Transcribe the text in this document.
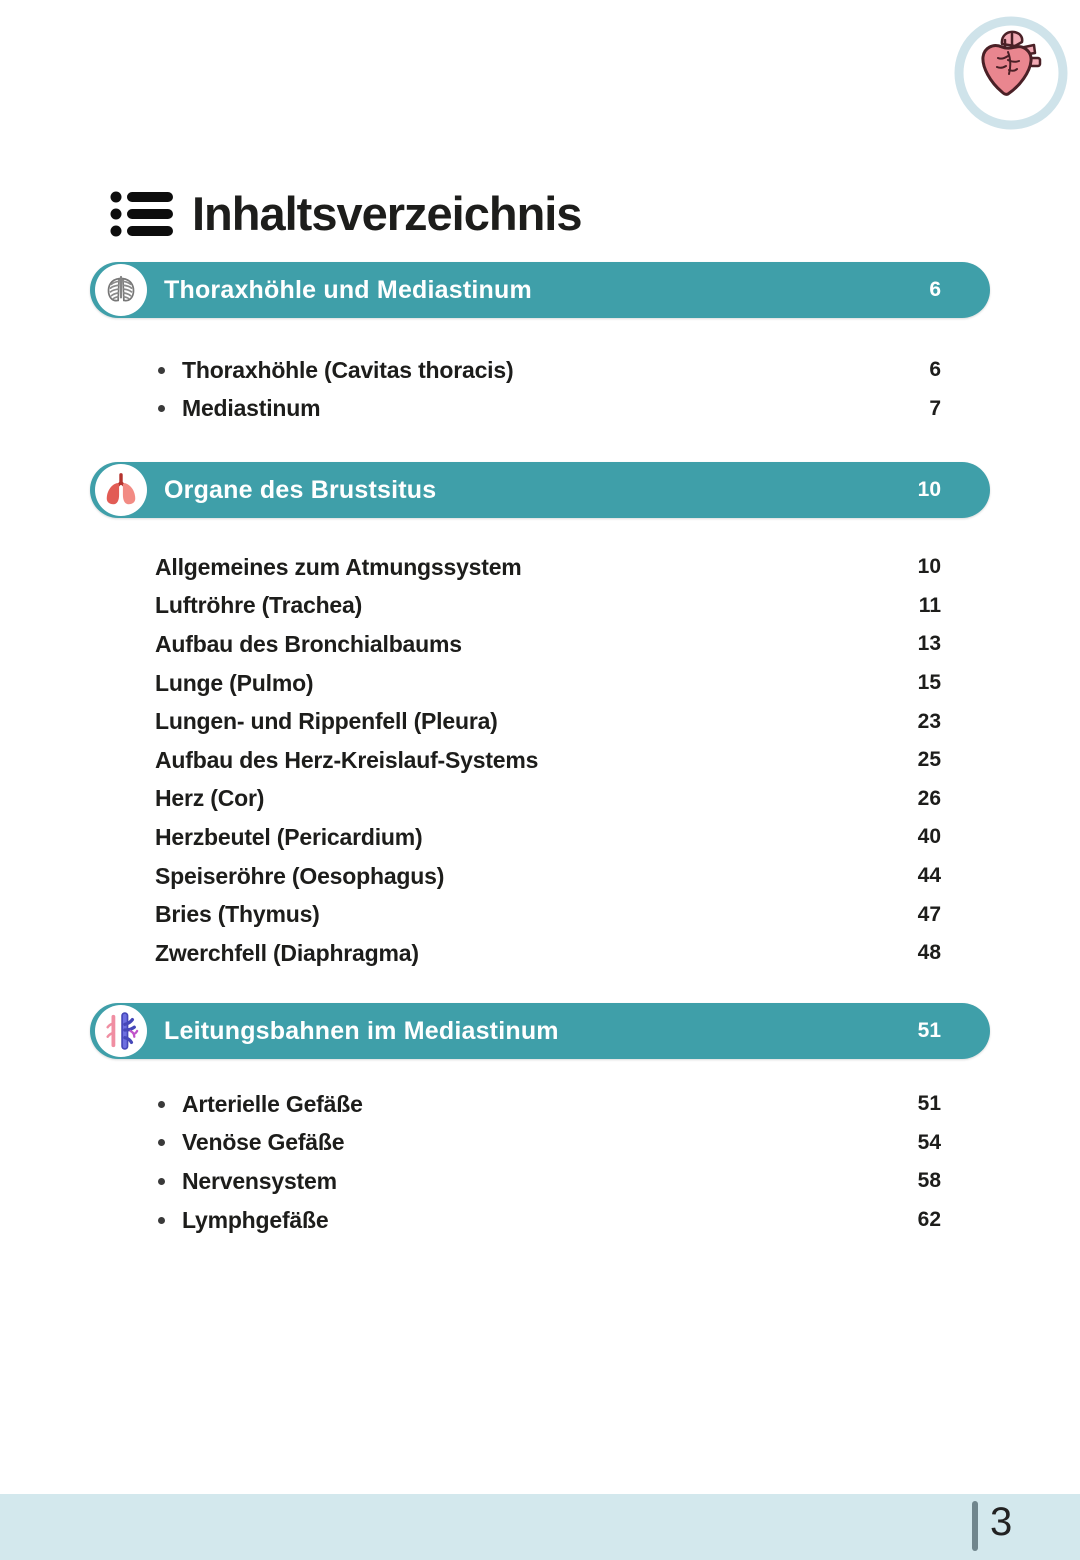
Inhaltsverzeichnis
Thoraxhöhle und Mediastinum	6
Thoraxhöhle (Cavitas thoracis)	6
Mediastinum	7
Organe des Brustsitus	10
Allgemeines zum Atmungssystem	10
Luftröhre (Trachea)	11
Aufbau des Bronchialbaums	13
Lunge (Pulmo)	15
Lungen- und Rippenfell (Pleura)	23
Aufbau des Herz-Kreislauf-Systems	25
Herz (Cor)	26
Herzbeutel (Pericardium)	40
Speiseröhre (Oesophagus)	44
Bries (Thymus)	47
Zwerchfell (Diaphragma)	48
Leitungsbahnen im Mediastinum	51
Arterielle Gefäße	51
Venöse Gefäße	54
Nervensystem	58
Lymphgefäße	62
3
